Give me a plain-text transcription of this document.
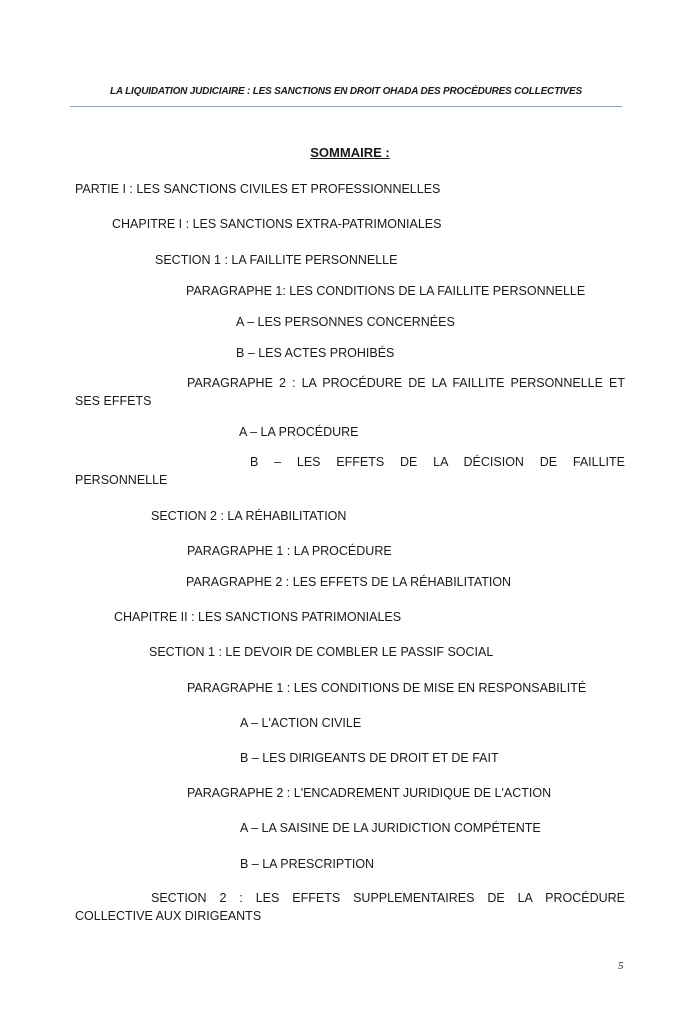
LA LIQUIDATION JUDICIAIRE : LES SANCTIONS EN DROIT OHADA DES PROCÉDURES COLLECTIVES
SOMMAIRE :
PARTIE I : LES SANCTIONS CIVILES ET PROFESSIONNELLES
CHAPITRE I : LES SANCTIONS EXTRA-PATRIMONIALES
SECTION 1 : LA FAILLITE PERSONNELLE
PARAGRAPHE 1: LES CONDITIONS DE LA FAILLITE PERSONNELLE
A – LES PERSONNES CONCERNÉES
B – LES ACTES PROHIBÉS
PARAGRAPHE 2 : LA PROCÉDURE DE LA FAILLITE PERSONNELLE ET
SES EFFETS
A – LA PROCÉDURE
B – LES EFFETS DE LA DÉCISION DE FAILLITE
PERSONNELLE
SECTION 2 : LA RÉHABILITATION
PARAGRAPHE 1 : LA PROCÉDURE
PARAGRAPHE 2 : LES EFFETS DE LA RÉHABILITATION
CHAPITRE II : LES SANCTIONS PATRIMONIALES
SECTION 1 : LE DEVOIR DE COMBLER LE PASSIF SOCIAL
PARAGRAPHE 1 : LES CONDITIONS DE MISE EN RESPONSABILITÉ
A – L'ACTION CIVILE
B – LES DIRIGEANTS DE DROIT ET DE FAIT
PARAGRAPHE 2 : L'ENCADREMENT JURIDIQUE DE L'ACTION
A – LA SAISINE DE LA JURIDICTION COMPÉTENTE
B – LA PRESCRIPTION
SECTION 2 : LES EFFETS SUPPLEMENTAIRES DE LA PROCÉDURE
COLLECTIVE AUX DIRIGEANTS
5
